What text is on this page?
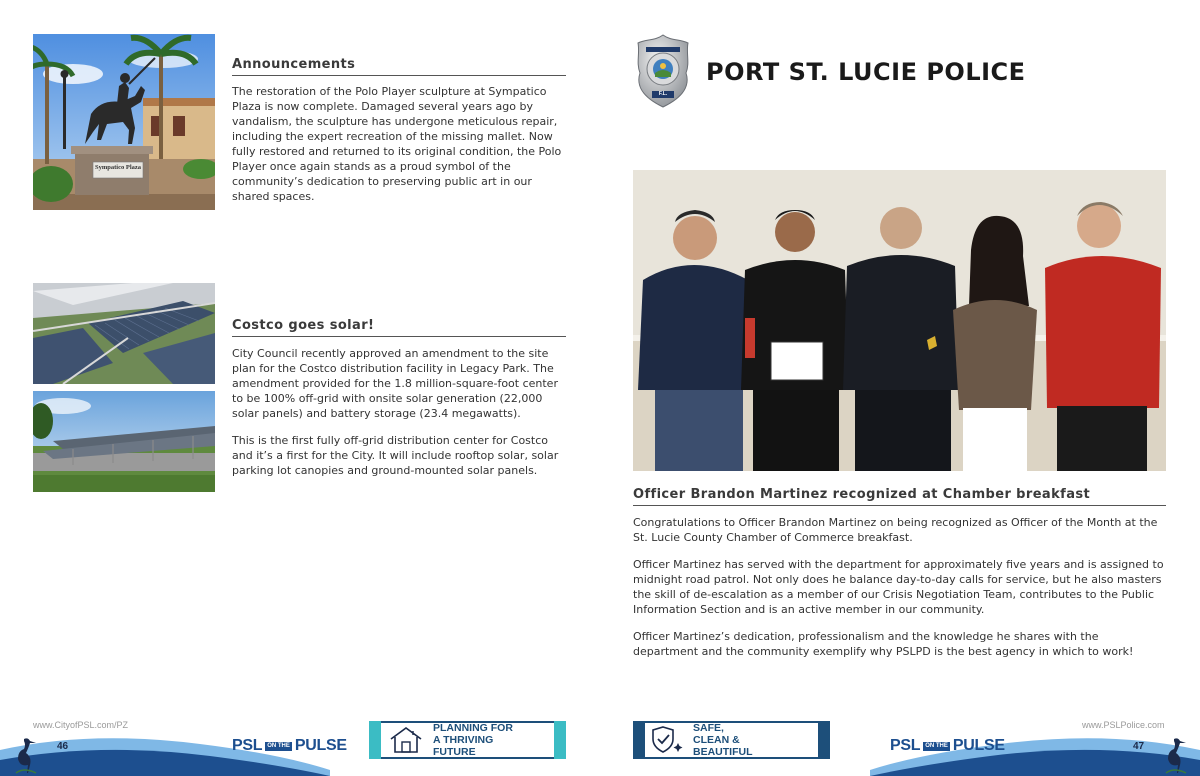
Sympatico Plaza
Announcements
The restoration of the Polo Player sculpture at Sympatico Plaza is now complete. Damaged several years ago by vandalism, the sculpture has undergone meticulous repair, including the expert recreation of the missing mallet. Now fully restored and returned to its original condition, the Polo Player once again stands as a proud symbol of the community’s dedication to preserving public art in our shared spaces.
Costco goes solar!

City Council recently approved an amendment to the site plan for the Costco distribution facility in Legacy Park. The amendment provided for the 1.8 million-square-foot center to be 100% off-grid with onsite solar generation (22,000 solar panels) and battery storage (23.4 megawatts).

This is the first fully off-grid distribution center for Costco and it’s a first for the City. It will include rooftop solar, solar parking lot canopies and ground-mounted solar panels.

F.L.
PORT ST. LUCIE POLICE
Officer Brandon Martinez recognized at Chamber breakfast

Congratulations to Officer Brandon Martinez on being recognized as Officer of the Month at the St. Lucie County Chamber of Commerce breakfast.

Officer Martinez has served with the department for approximately five years and is assigned to midnight road patrol. Not only does he balance day-to-day calls for service, but he also masters the skill of de-escalation as a member of our Crisis Negotiation Team, contributes to the Public Information Section and is an active member in our community.

Officer Martinez’s dedication, professionalism and the knowledge he shares with the department and the community exemplify why PSLPD is the best agency in which to work!

www.CityofPSL.com/PZ
46	PSL ON THE PULSE
PLANNING FOR
A THRIVING
FUTURE
SAFE,
CLEAN &
BEAUTIFUL	PSL ON THE PULSE
www.PSLPolice.com
47
